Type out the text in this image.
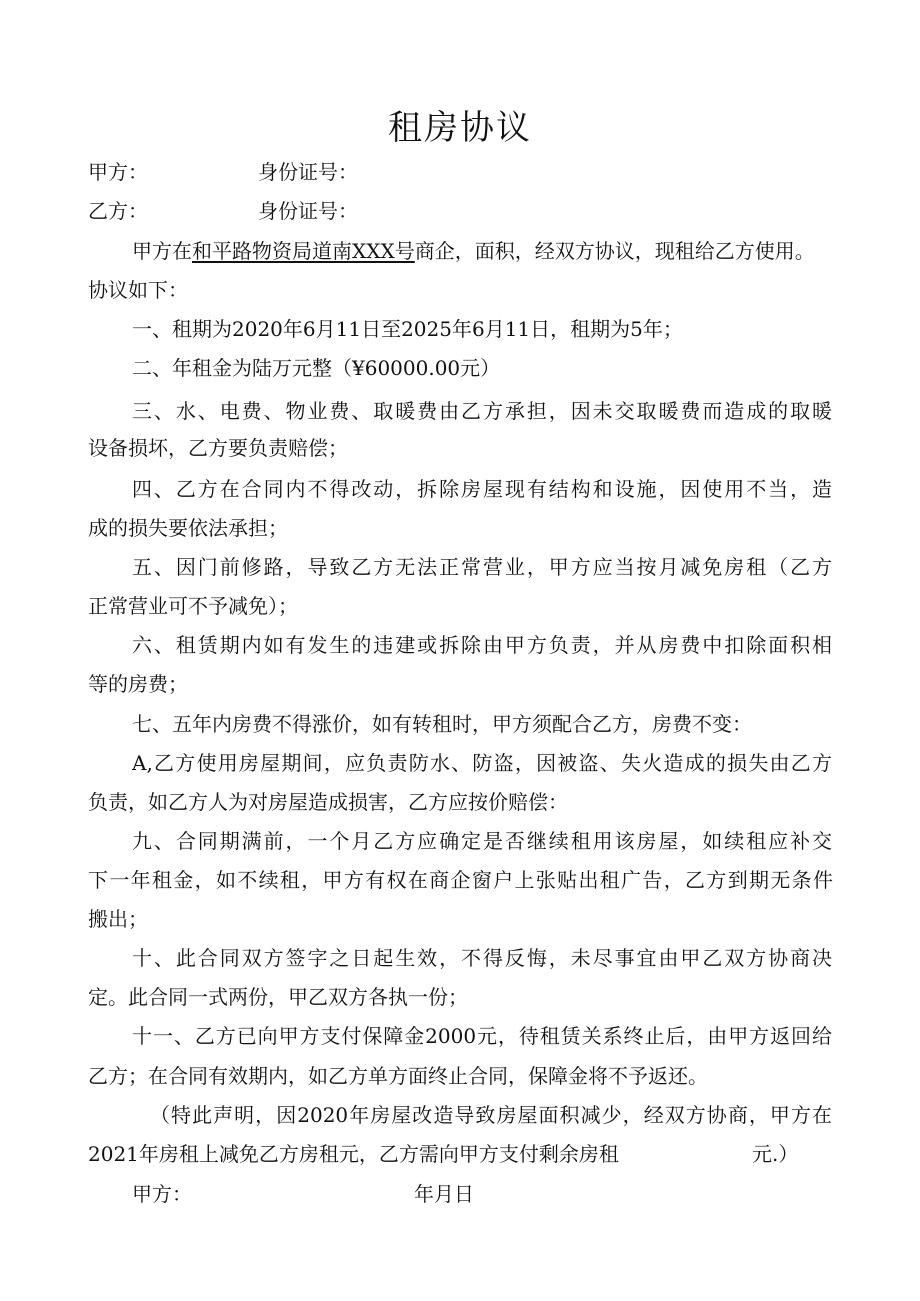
租房协议
甲方：	身份证号：
乙方：	身份证号：
甲方在和平路物资局道南XXX号商企，面积，经双方协议，现租给乙方使用。
协议如下：
一、租期为2020年6月11日至2025年6月11日，租期为5年；
二、年租金为陆万元整（¥60000.00元）
三、水、电费、物业费、取暖费由乙方承担，因未交取暖费而造成的取暖
设备损坏，乙方要负责赔偿；
四、乙方在合同内不得改动，拆除房屋现有结构和设施，因使用不当，造
成的损失要依法承担；
五、因门前修路，导致乙方无法正常营业，甲方应当按月减免房租（乙方
正常营业可不予减免）；
六、租赁期内如有发生的违建或拆除由甲方负责，并从房费中扣除面积相
等的房费；
七、五年内房费不得涨价，如有转租时，甲方须配合乙方，房费不变：
A,乙方使用房屋期间，应负责防水、防盗，因被盗、失火造成的损失由乙方
负责，如乙方人为对房屋造成损害，乙方应按价赔偿：
九、合同期满前，一个月乙方应确定是否继续租用该房屋，如续租应补交
下一年租金，如不续租，甲方有权在商企窗户上张贴出租广告，乙方到期无条件
搬出；
十、此合同双方签字之日起生效，不得反悔，未尽事宜由甲乙双方协商决
定。此合同一式两份，甲乙双方各执一份；
十一、乙方已向甲方支付保障金2000元，待租赁关系终止后，由甲方返回给
乙方；在合同有效期内，如乙方单方面终止合同，保障金将不予返还。
（特此声明，因2020年房屋改造导致房屋面积减少，经双方协商，甲方在
2021年房租上减免乙方房租元，乙方需向甲方支付剩余房租	元.）
甲方：	年月日
